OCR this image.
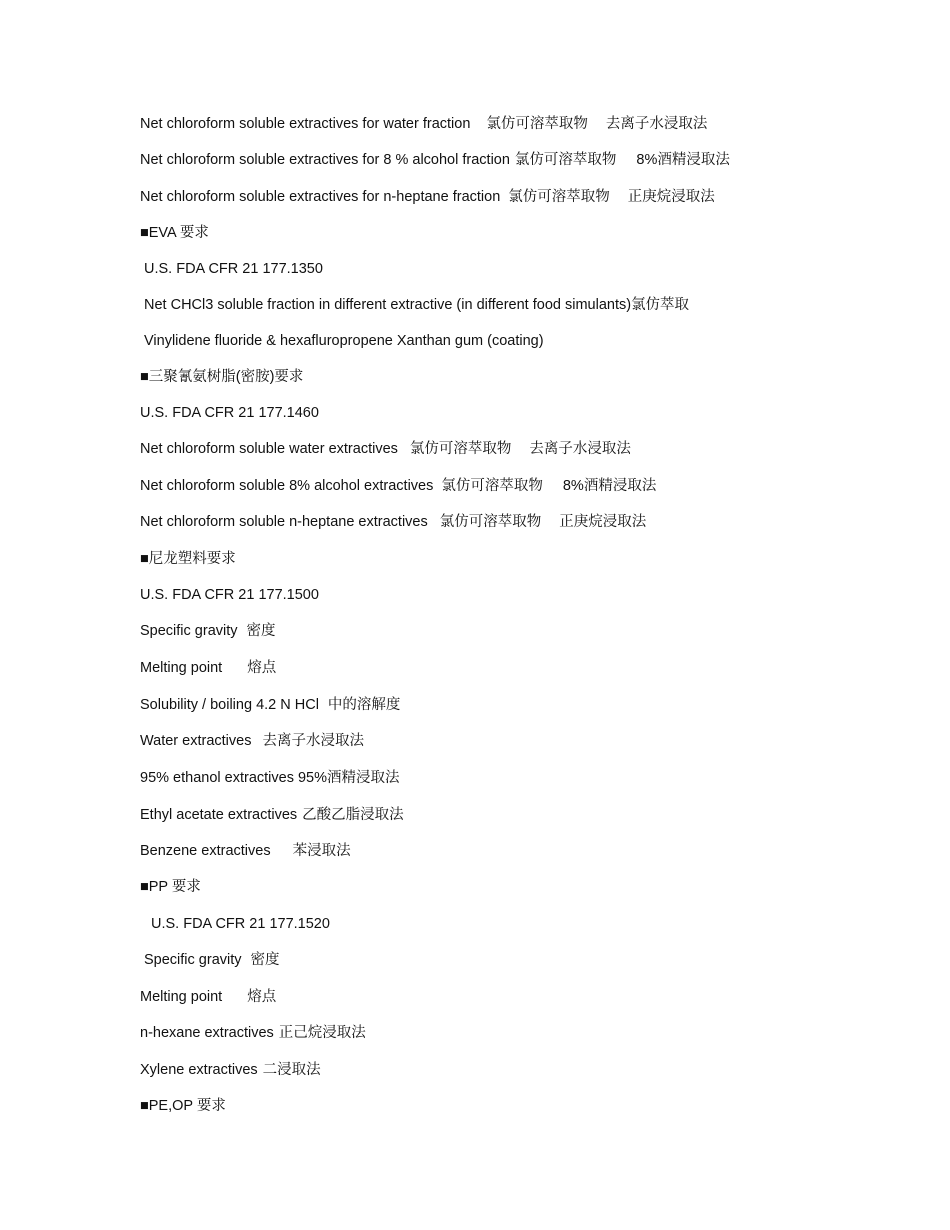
Net chloroform soluble extractives for water fraction 氯仿可溶萃取物 去离子水浸取法
Net chloroform soluble extractives for 8 % alcohol fraction 氯仿可溶萃取物 8%酒精浸取法
Net chloroform soluble extractives for n-heptane fraction 氯仿可溶萃取物 正庚烷浸取法
■EVA 要求
U.S. FDA CFR 21 177.1350
Net CHCl3 soluble fraction in different extractive (in different food simulants)氯仿萃取
Vinylidene fluoride & hexafluropropene Xanthan gum (coating)
■三聚氰氨树脂(密胺)要求
U.S. FDA CFR 21 177.1460
Net chloroform soluble water extractives 氯仿可溶萃取物 去离子水浸取法
Net chloroform soluble 8% alcohol extractives 氯仿可溶萃取物 8%酒精浸取法
Net chloroform soluble n-heptane extractives 氯仿可溶萃取物 正庚烷浸取法
■尼龙塑料要求
U.S. FDA CFR 21 177.1500
Specific gravity 密度
Melting point 熔点
Solubility / boiling 4.2 N HCl 中的溶解度
Water extractives 去离子水浸取法
95% ethanol extractives 95%酒精浸取法
Ethyl acetate extractives 乙酸乙脂浸取法
Benzene extractives 苯浸取法
■PP 要求
U.S. FDA CFR 21 177.1520
Specific gravity 密度
Melting point 熔点
n-hexane extractives 正己烷浸取法
Xylene extractives 二浸取法
■PE,OP 要求
